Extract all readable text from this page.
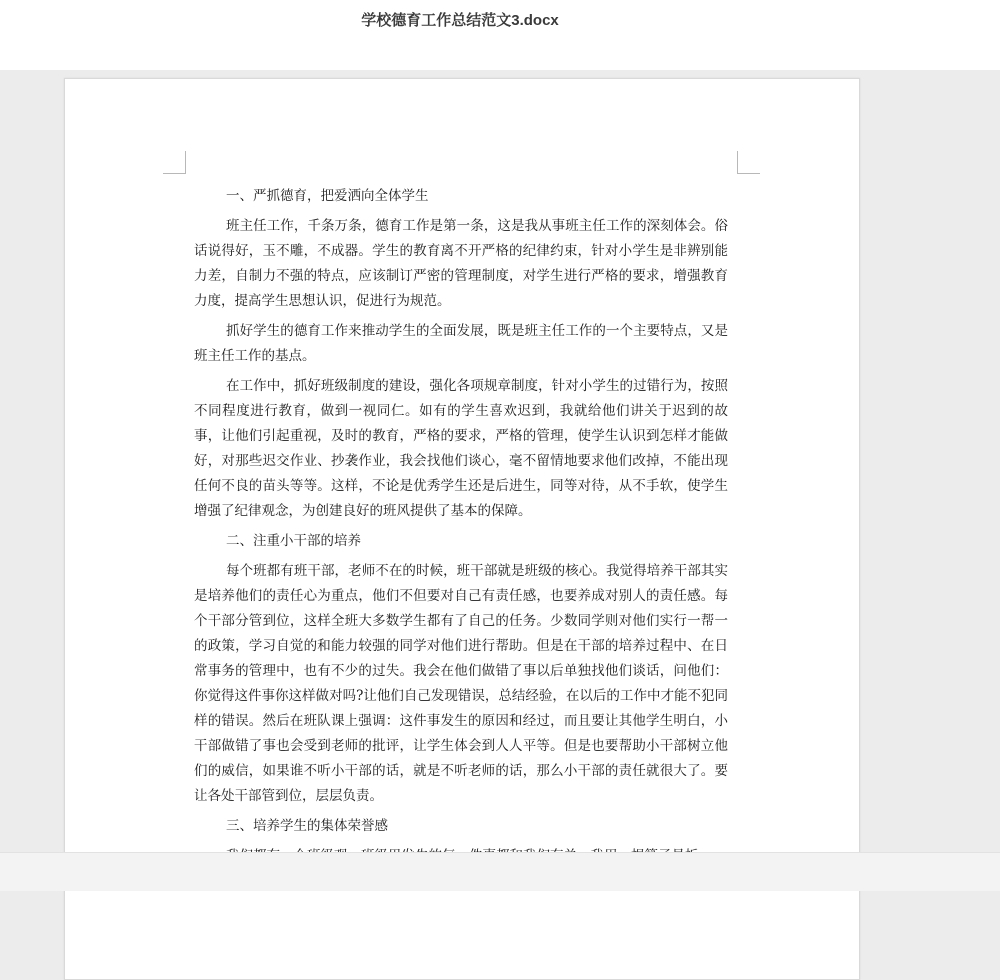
学校德育工作总结范文3.docx

一、严抓德育，把爱洒向全体学生

班主任工作，千条万条，德育工作是第一条，这是我从事班主任工作的深刻体会。俗话说得好，玉不雕，不成器。学生的教育离不开严格的纪律约束，针对小学生是非辨别能力差，自制力不强的特点，应该制订严密的管理制度，对学生进行严格的要求，增强教育力度，提高学生思想认识，促进行为规范。

抓好学生的德育工作来推动学生的全面发展，既是班主任工作的一个主要特点，又是班主任工作的基点。

在工作中，抓好班级制度的建设，强化各项规章制度，针对小学生的过错行为，按照不同程度进行教育，做到一视同仁。如有的学生喜欢迟到，我就给他们讲关于迟到的故事，让他们引起重视，及时的教育，严格的要求，严格的管理，使学生认识到怎样才能做好，对那些迟交作业、抄袭作业，我会找他们谈心，毫不留情地要求他们改掉，不能出现任何不良的苗头等等。这样，不论是优秀学生还是后进生，同等对待，从不手软，使学生增强了纪律观念，为创建良好的班风提供了基本的保障。

二、注重小干部的培养

每个班都有班干部，老师不在的时候，班干部就是班级的核心。我觉得培养干部其实是培养他们的责任心为重点，他们不但要对自己有责任感，也要养成对别人的责任感。每个干部分管到位，这样全班大多数学生都有了自己的任务。少数同学则对他们实行一帮一的政策，学习自觉的和能力较强的同学对他们进行帮助。但是在干部的培养过程中、在日常事务的管理中，也有不少的过失。我会在他们做错了事以后单独找他们谈话，问他们：你觉得这件事你这样做对吗?让他们自己发现错误，总结经验，在以后的工作中才能不犯同样的错误。然后在班队课上强调：这件事发生的原因和经过，而且要让其他学生明白，小干部做错了事也会受到老师的批评，让学生体会到人人平等。但是也要帮助小干部树立他们的威信，如果谁不听小干部的话，就是不听老师的话，那么小干部的责任就很大了。要让各处干部管到位，层层负责。

三、培养学生的集体荣誉感
